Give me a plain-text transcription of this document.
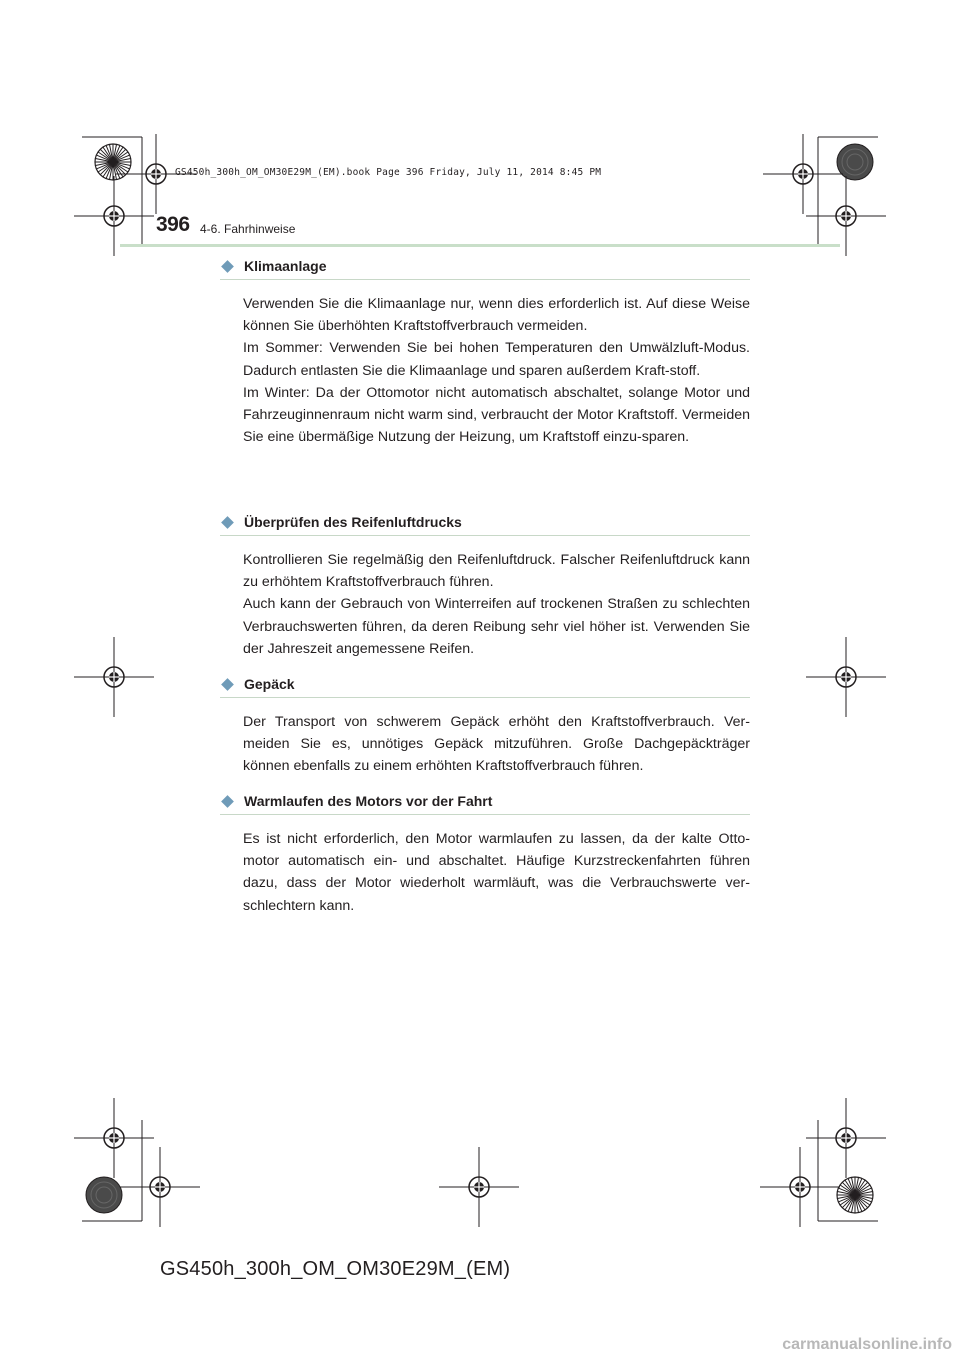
GS450h_300h_OM_OM30E29M_(EM).book Page 396 Friday, July 11, 2014 8:45 PM
396 4-6. Fahrhinweise
Klimaanlage

Verwenden Sie die Klimaanlage nur, wenn dies erforderlich ist. Auf diese Weise können Sie überhöhten Kraftstoffverbrauch vermeiden.

Im Sommer: Verwenden Sie bei hohen Temperaturen den Umwälzluft-Modus. Dadurch entlasten Sie die Klimaanlage und sparen außerdem Kraft-stoff.

Im Winter: Da der Ottomotor nicht automatisch abschaltet, solange Motor und Fahrzeuginnenraum nicht warm sind, verbraucht der Motor Kraftstoff. Vermeiden Sie eine übermäßige Nutzung der Heizung, um Kraftstoff einzu-sparen.

Überprüfen des Reifenluftdrucks

Kontrollieren Sie regelmäßig den Reifenluftdruck. Falscher Reifenluftdruck kann zu erhöhtem Kraftstoffverbrauch führen.

Auch kann der Gebrauch von Winterreifen auf trockenen Straßen zu schlechten Verbrauchswerten führen, da deren Reibung sehr viel höher ist. Verwenden Sie der Jahreszeit angemessene Reifen.

Gepäck

Der Transport von schwerem Gepäck erhöht den Kraftstoffverbrauch. Ver-meiden Sie es, unnötiges Gepäck mitzuführen. Große Dachgepäckträger können ebenfalls zu einem erhöhten Kraftstoffverbrauch führen.

Warmlaufen des Motors vor der Fahrt

Es ist nicht erforderlich, den Motor warmlaufen zu lassen, da der kalte Otto-motor automatisch ein- und abschaltet. Häufige Kurzstreckenfahrten führen dazu, dass der Motor wiederholt warmläuft, was die Verbrauchswerte ver-schlechtern kann.

GS450h_300h_OM_OM30E29M_(EM)
carmanualsonline.info
